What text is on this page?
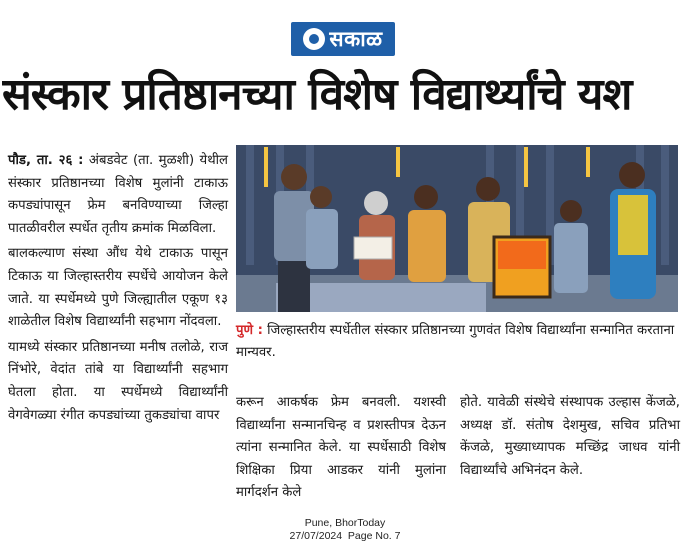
सकाळ
संस्कार प्रतिष्ठानच्या विशेष विद्यार्थ्यांचे यश

पौड, ता. २६ : अंबडवेट (ता. मुळशी) येथील संस्कार प्रतिष्ठानच्या विशेष मुलांनी टाकाऊ कपड्यांपासून फ्रेम बनविण्याच्या जिल्हा पातळीवरील स्पर्धेत तृतीय क्रमांक मिळविला.

बालकल्याण संस्था औंध येथे टाकाऊ पासून टिकाऊ या जिल्हास्तरीय स्पर्धेचे आयोजन केले जाते. या स्पर्धेमध्ये पुणे जिल्ह्यातील एकूण १३ शाळेतील विशेष विद्यार्थ्यांनी सहभाग नोंदवला.

यामध्ये संस्कार प्रतिष्ठानच्या मनीष तलोळे, राज निंभोरे, वेदांत तांबे या विद्यार्थ्यांनी सहभाग घेतला होता. या स्पर्धेमध्ये विद्यार्थ्यांनी वेगवेगळ्या रंगीत कपड्यांच्या तुकड्यांचा वापर

पुणे : जिल्हास्तरीय स्पर्धेतील संस्कार प्रतिष्ठानच्या गुणवंत विशेष विद्यार्थ्यांना सन्मानित करताना मान्यवर.

करून आकर्षक फ्रेम बनवली. यशस्वी विद्यार्थ्यांना सन्मानचिन्ह व प्रशस्तीपत्र देऊन त्यांना सन्मानित केले. या स्पर्धेसाठी विशेष शिक्षिका प्रिया आडकर यांनी मुलांना मार्गदर्शन केले

होते. यावेळी संस्थेचे संस्थापक उल्हास केंजळे, अध्यक्ष डॉ. संतोष देशमुख, सचिव प्रतिभा केंजळे, मुख्याध्यापक मच्छिंद्र जाधव यांनी विद्यार्थ्यांचे अभिनंदन केले.

Pune, BhorToday
27/07/2024  Page No. 7
